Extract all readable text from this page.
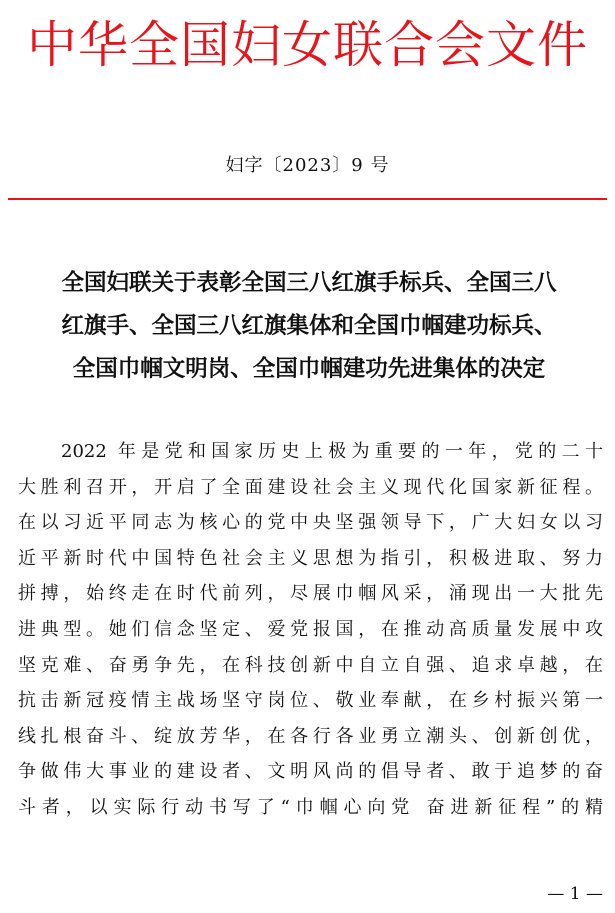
中华全国妇女联合会文件
妇字〔2023〕9 号
全国妇联关于表彰全国三八红旗手标兵、全国三八
红旗手、全国三八红旗集体和全国巾帼建功标兵、
全国巾帼文明岗、全国巾帼建功先进集体的决定
2022 年是党和国家历史上极为重要的一年，党的二十
大胜利召开，开启了全面建设社会主义现代化国家新征程。
在以习近平同志为核心的党中央坚强领导下，广大妇女以习
近平新时代中国特色社会主义思想为指引，积极进取、努力
拼搏，始终走在时代前列，尽展巾帼风采，涌现出一大批先
进典型。她们信念坚定、爱党报国，在推动高质量发展中攻
坚克难、奋勇争先，在科技创新中自立自强、追求卓越，在
抗击新冠疫情主战场坚守岗位、敬业奉献，在乡村振兴第一
线扎根奋斗、绽放芳华，在各行各业勇立潮头、创新创优，
争做伟大事业的建设者、文明风尚的倡导者、敢于追梦的奋
斗者，以实际行动书写了“巾帼心向党 奋进新征程”的精
— 1 —
